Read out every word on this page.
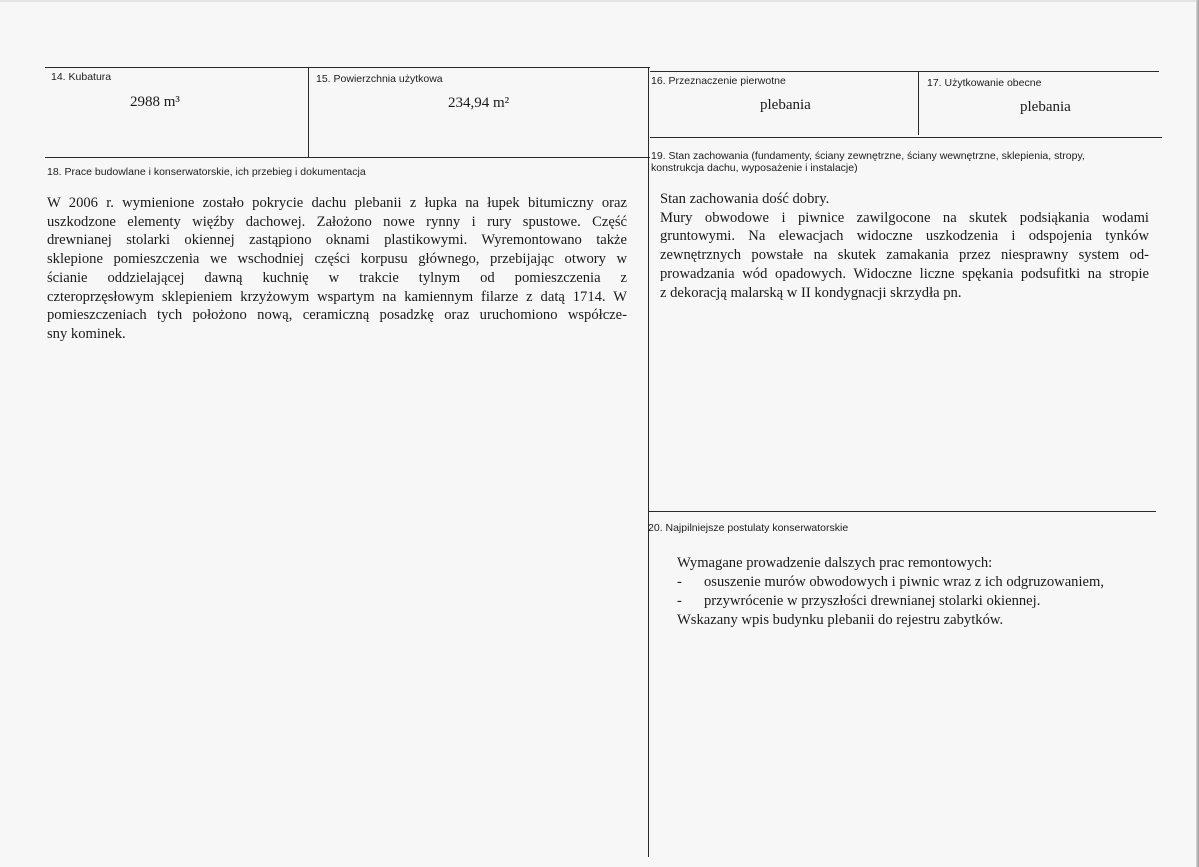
14. Kubatura
2988 m³
15. Powierzchnia użytkowa
234,94 m²
16. Przeznaczenie pierwotne
plebania
17. Użytkowanie obecne
plebania
18. Prace budowlane i konserwatorskie, ich przebieg i dokumentacja
W 2006 r. wymienione zostało pokrycie dachu plebanii z łupka na łupek bitumiczny oraz
uszkodzone elementy więźby dachowej. Założono nowe rynny i rury spustowe. Część
drewnianej stolarki okiennej zastąpiono oknami plastikowymi. Wyremontowano także
sklepione pomieszczenia we wschodniej części korpusu głównego, przebijając otwory w
ścianie oddzielającej dawną kuchnię w trakcie tylnym od pomieszczenia z
czteroprzęsłowym sklepieniem krzyżowym wspartym na kamiennym filarze z datą 1714. W
pomieszczeniach tych położono nową, ceramiczną posadzkę oraz uruchomiono współcze-
sny kominek.
19. Stan zachowania (fundamenty, ściany zewnętrzne, ściany wewnętrzne, sklepienia, stropy, konstrukcja dachu, wyposażenie i instalacje)
Stan zachowania dość dobry.
Mury obwodowe i piwnice zawilgocone na skutek podsiąkania wodami
gruntowymi. Na elewacjach widoczne uszkodzenia i odspojenia tynków
zewnętrznych powstałe na skutek zamakania przez niesprawny system od-
prowadzania wód opadowych. Widoczne liczne spękania podsufitki na stropie
z dekoracją malarską w II kondygnacji skrzydła pn.
20. Najpilniejsze postulaty konserwatorskie
Wymagane prowadzenie dalszych prac remontowych:
-	osuszenie murów obwodowych i piwnic wraz z ich odgruzowaniem,
-	przywrócenie w przyszłości drewnianej stolarki okiennej.
Wskazany wpis budynku plebanii do rejestru zabytków.
